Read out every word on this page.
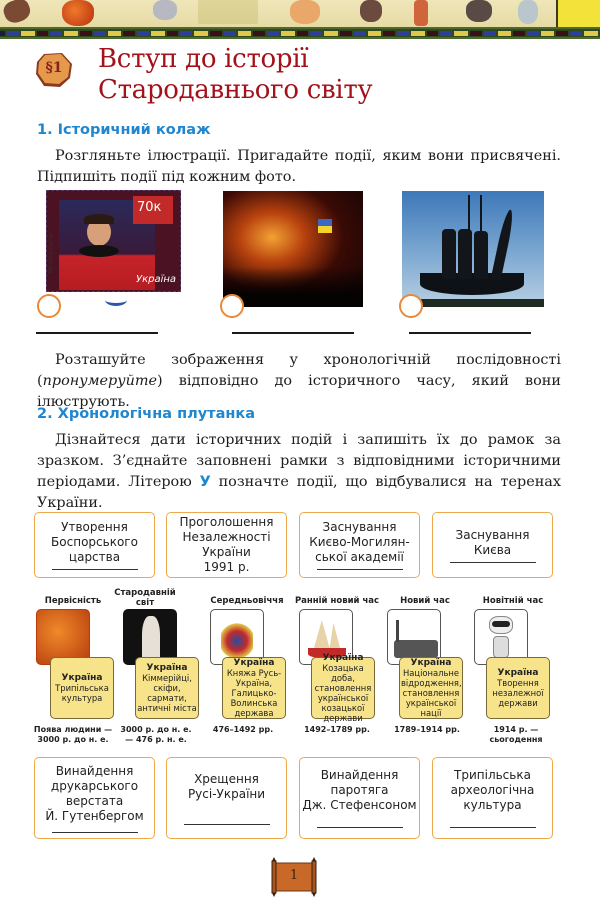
§1	Вступ до історії
Стародавнього світу
1. Історичний колаж
Розгляньте ілюстрації. Пригадайте події, яким вони присвячені. Підпишіть події під кожним фото.
70к
Україна
ПК «Укрпошта»
Розташуйте зображення у хронологічній послідовності (пронумеруйте) відповідно до історичного часу, який вони ілюструють.
2. Хронологічна плутанка
Дізнайтеся дати історичних подій і запишіть їх до рамок за зразком. З’єднайте заповнені рамки з відповідними історичними періодами. Літерою У позначте події, що відбувалися на теренах України.
Утворення
Боспорського
царства
Проголошення
Незалежності
України
1991 р.
Заснування
Києво-Могилян-
ської академії
Заснування
Києва
Первісність
Україна
Трипільська культура
Поява людини — 3000 р. до н. е.
Стародавній світ
Україна
Кіммерійці, скіфи, сармати, античні міста
3000 р. до н. е. — 476 р. н. е.
Середньовіччя
Україна
Княжа Русь-Україна, Галицько-Волинська держава
476–1492 рр.
Ранній новий час
Україна
Козацька доба, становлення української козацької держави
1492–1789 рр.
Новий час
Україна
Національне відродження, становлення української нації
1789–1914 рр.
Новітній час
Україна
Творення незалежної держави
1914 р. — сьогодення
Винайдення
друкарського
верстата
Й. Гутенбергом
Хрещення
Русі-України
Винайдення
паротяга
Дж. Стефенсоном
Трипільська
археологічна
культура
1
